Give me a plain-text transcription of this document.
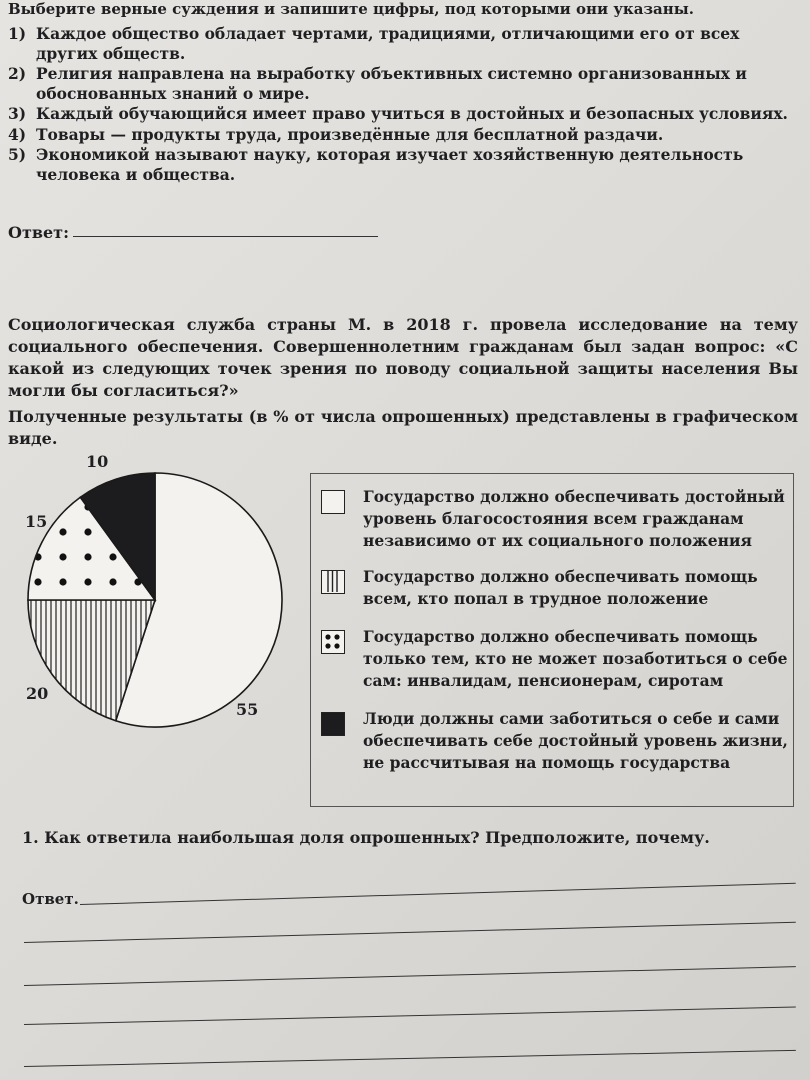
Выберите верные суждения и запишите цифры, под которыми они указаны.
1) Каждое общество обладает чертами, традициями, отличающими его от всех других обществ.
2) Религия направлена на выработку объективных системно организованных и обоснованных знаний о мире.
3) Каждый обучающийся имеет право учиться в достойных и безопасных условиях.
4) Товары — продукты труда, произведённые для бесплатной раздачи.
5) Экономикой называют науку, которая изучает хозяйственную деятельность человека и общества.
Ответ:

Социологическая служба страны М. в 2018 г. провела исследование на тему социального обеспечения. Совершеннолетним гражданам был задан вопрос: «С какой из следующих точек зрения по поводу социальной защиты населения Вы могли бы согласиться?»

Полученные результаты (в % от числа опрошенных) представлены в графическом виде.

10
15
20
55
Государство должно обеспечивать достойный уровень благосостояния всем гражданам независимо от их социального положения
Государство должно обеспечивать помощь всем, кто попал в трудное положение
Государство должно обеспечивать помощь только тем, кто не может позаботиться о себе сам: инвалидам, пенсионерам, сиротам
Люди должны сами заботиться о себе и сами обеспечивать себе достойный уровень жизни, не рассчитывая на помощь государства
1. Как ответила наибольшая доля опрошенных? Предположите, почему.
Ответ.
